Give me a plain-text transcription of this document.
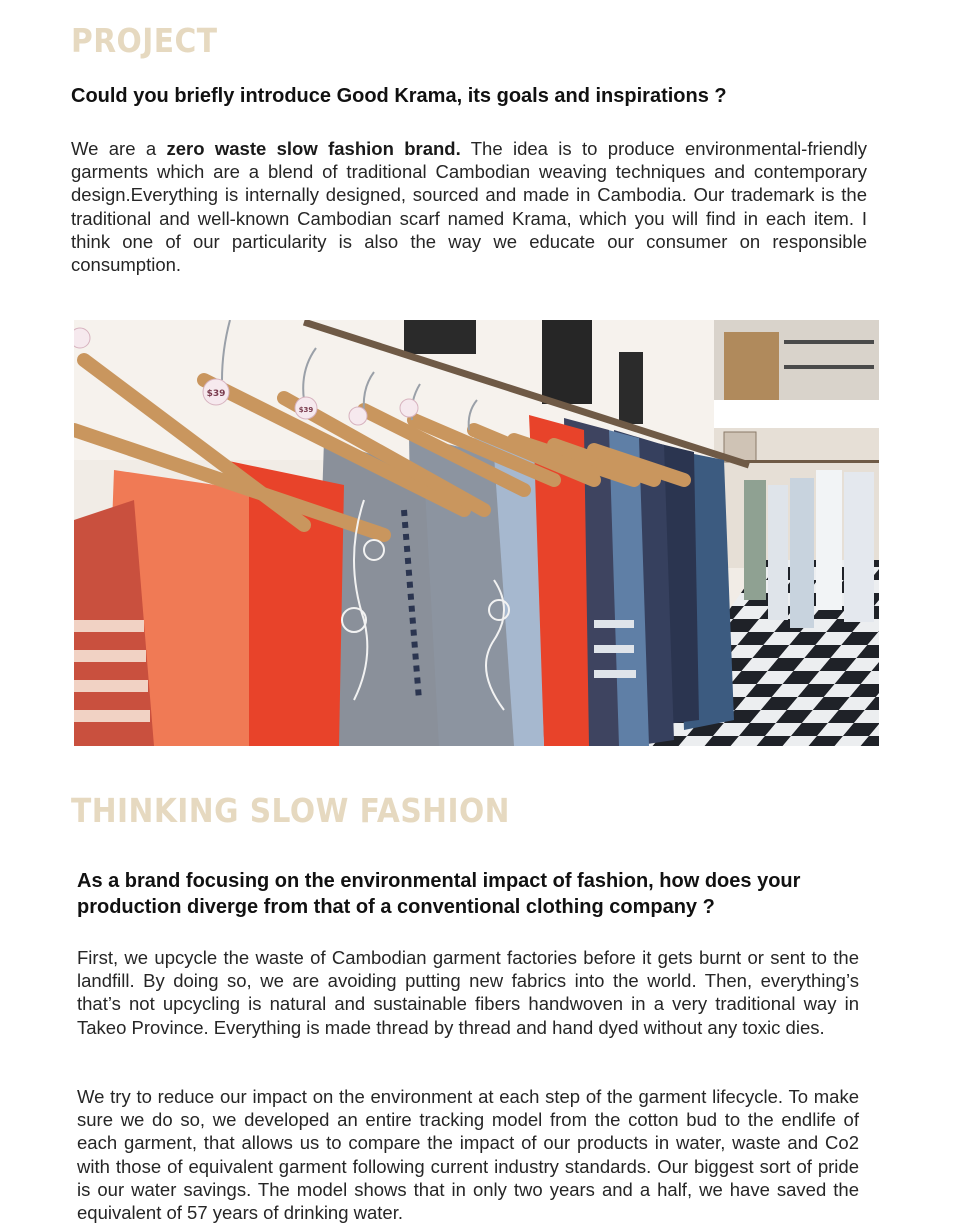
PROJECT

Could you briefly introduce Good Krama, its goals and inspirations ?

We are a zero waste slow fashion brand. The idea is to produce environmental-friendly garments which are a blend of traditional Cambodian weaving techniques and contemporary design.Everything is internally designed, sourced and made in Cambodia. Our trademark is the traditional and well-known Cambodian scarf named Krama, which you will find in each item. I think one of our particularity is also the way we educate our consumer on responsible consumption.

$39
$39
THINKING SLOW FASHION

As a brand focusing on the environmental impact of fashion, how does your production diverge from that of a conventional clothing company ?

First, we upcycle the waste of Cambodian garment factories before it gets burnt or sent to the landfill. By doing so, we are avoiding putting new fabrics into the world. Then, everything’s that’s not upcycling is natural and sustainable fibers handwoven in a very traditional way in Takeo Province. Everything is made thread by thread and hand dyed without any toxic dies.

We try to reduce our impact on the environment at each step of the garment lifecycle. To make sure we do so, we developed an entire tracking model from the cotton bud to the endlife of each garment, that allows us to compare the impact of our products in water, waste and Co2 with those of equivalent garment following current industry standards. Our biggest sort of pride is our water savings. The model shows that in only two years and a half, we have saved the equivalent of 57 years of drinking water.
